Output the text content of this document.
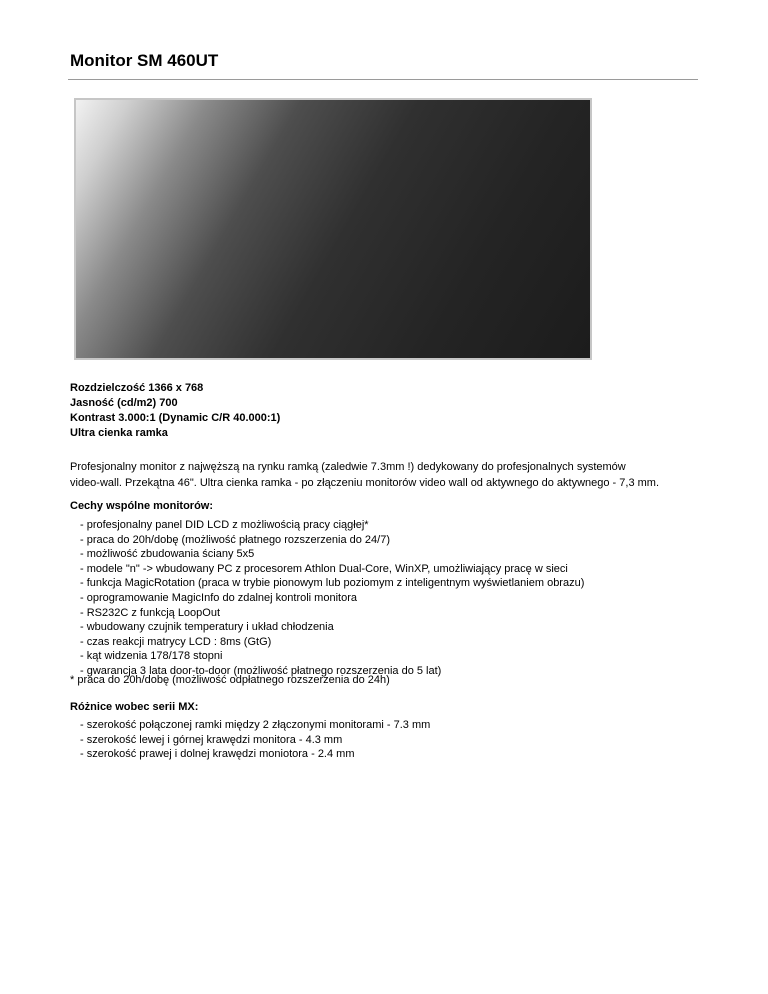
Monitor SM 460UT
Rozdzielczość 1366 x 768
Jasność (cd/m2) 700
Kontrast 3.000:1 (Dynamic C/R 40.000:1)
Ultra cienka ramka
Profesjonalny monitor z najwęższą na rynku ramką (zaledwie 7.3mm !) dedykowany do profesjonalnych systemów
video-wall. Przekątna 46". Ultra cienka ramka - po złączeniu monitorów video wall od aktywnego do aktywnego - 7,3 mm.
Cechy wspólne monitorów:
- profesjonalny panel DID LCD z możliwością pracy ciągłej*
- praca do 20h/dobę (możliwość płatnego rozszerzenia do 24/7)
- możliwość zbudowania ściany 5x5
- modele "n" -> wbudowany PC z procesorem Athlon Dual-Core, WinXP, umożliwiający pracę w sieci
- funkcja MagicRotation (praca w trybie pionowym lub poziomym z inteligentnym wyświetlaniem obrazu)
- oprogramowanie MagicInfo do zdalnej kontroli monitora
- RS232C z funkcją LoopOut
- wbudowany czujnik temperatury i układ chłodzenia
- czas reakcji matrycy LCD : 8ms (GtG)
- kąt widzenia 178/178 stopni
- gwarancja 3 lata door-to-door (możliwość płatnego rozszerzenia do 5 lat)
* praca do 20h/dobę (możliwość odpłatnego rozszerzenia do 24h)
Różnice wobec serii MX:
- szerokość połączonej ramki między 2 złączonymi monitorami - 7.3 mm
- szerokość lewej i górnej krawędzi monitora - 4.3 mm
- szerokość prawej i dolnej krawędzi moniotora - 2.4 mm
